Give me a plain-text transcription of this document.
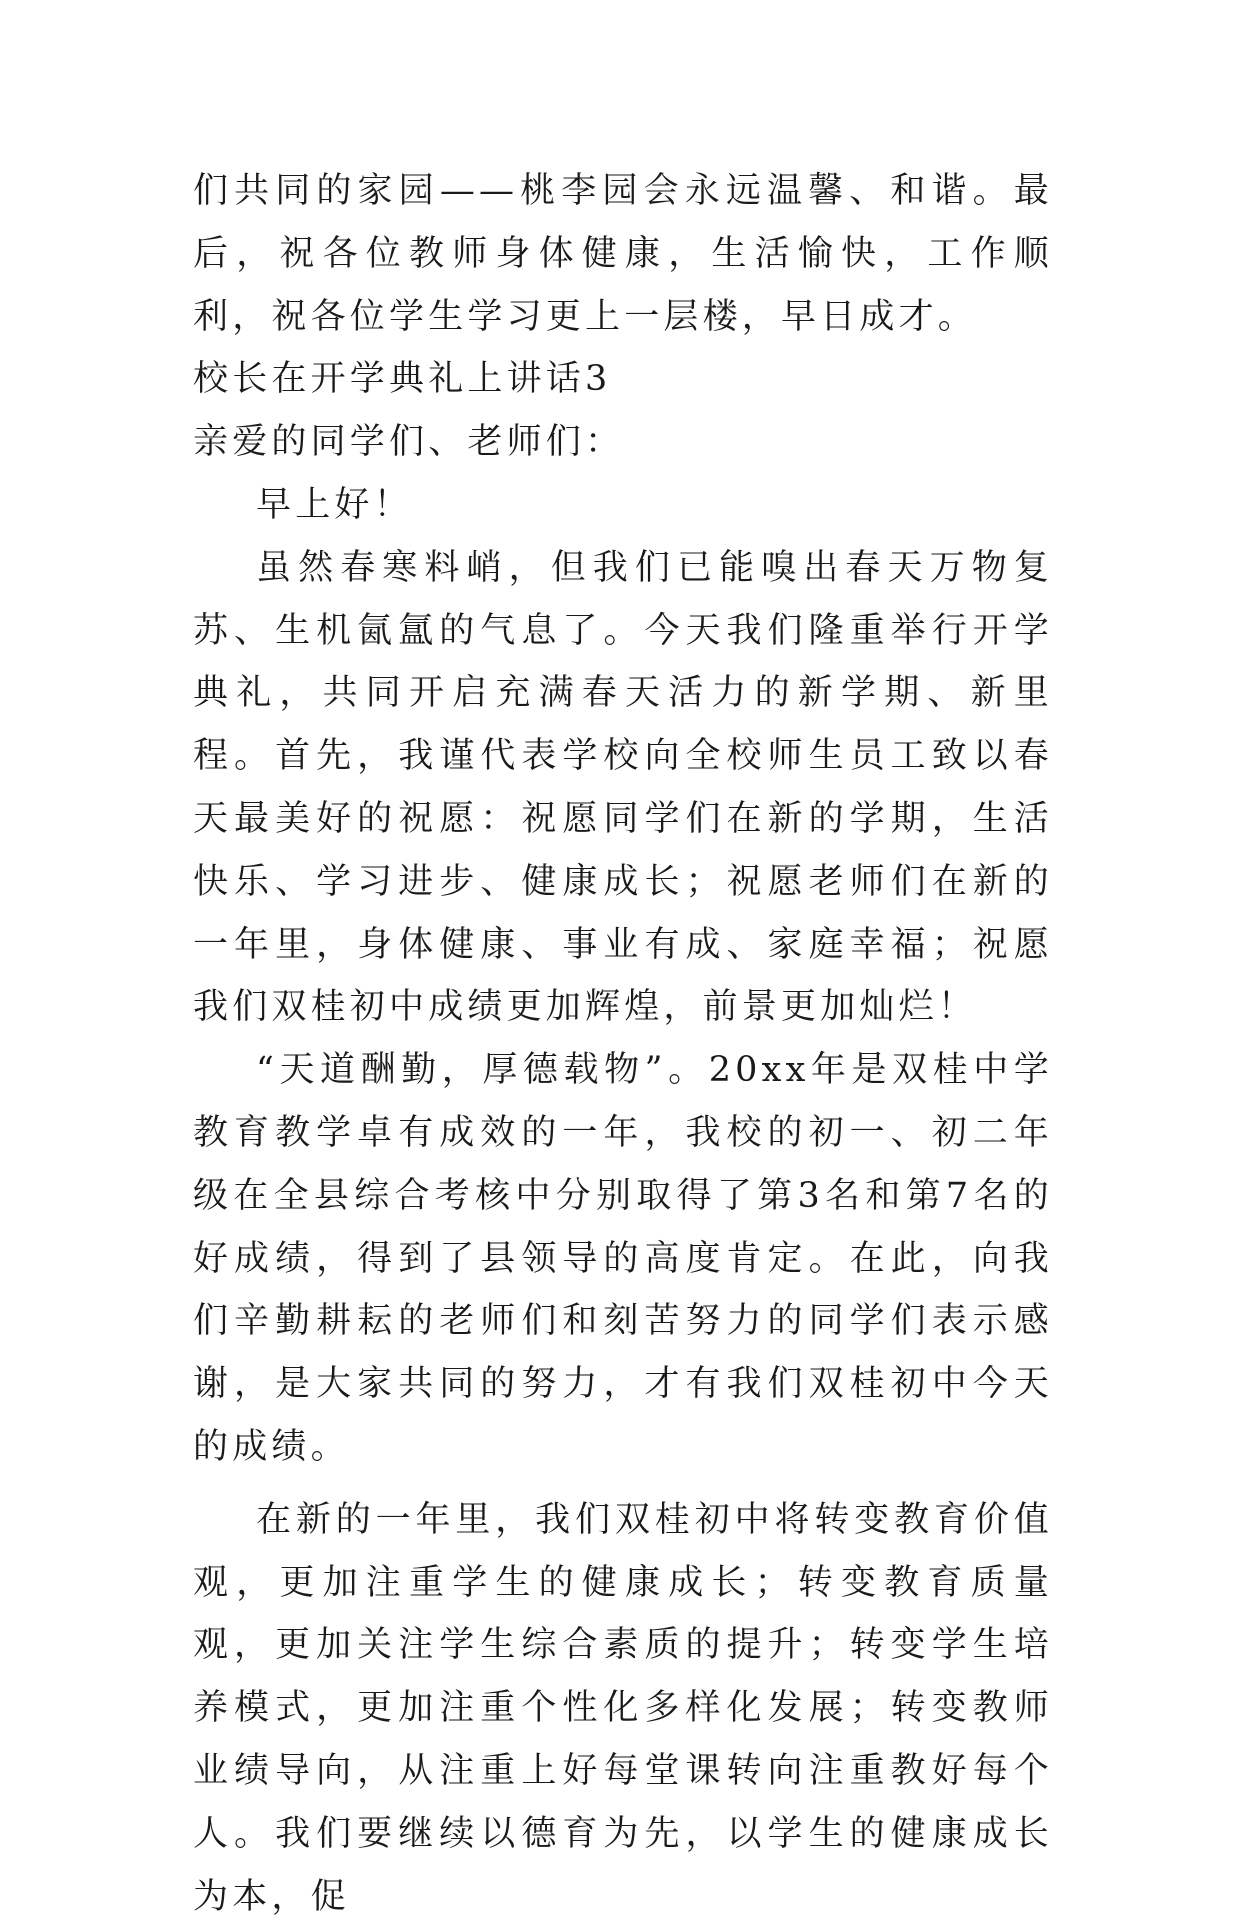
们共同的家园——桃李园会永远温馨、和谐。最后，祝各位教师身体健康，生活愉快，工作顺利，祝各位学生学习更上一层楼，早日成才。

校长在开学典礼上讲话3

亲爱的同学们、老师们：

早上好！

虽然春寒料峭，但我们已能嗅出春天万物复苏、生机氤氲的气息了。今天我们隆重举行开学典礼，共同开启充满春天活力的新学期、新里程。首先，我谨代表学校向全校师生员工致以春天最美好的祝愿：祝愿同学们在新的学期，生活快乐、学习进步、健康成长；祝愿老师们在新的一年里，身体健康、事业有成、家庭幸福；祝愿我们双桂初中成绩更加辉煌，前景更加灿烂！

“天道酬勤，厚德载物”。20xx年是双桂中学教育教学卓有成效的一年，我校的初一、初二年级在全县综合考核中分别取得了第3名和第7名的好成绩，得到了县领导的高度肯定。在此，向我们辛勤耕耘的老师们和刻苦努力的同学们表示感谢，是大家共同的努力，才有我们双桂初中今天的成绩。

在新的一年里，我们双桂初中将转变教育价值观，更加注重学生的健康成长；转变教育质量观，更加关注学生综合素质的提升；转变学生培养模式，更加注重个性化多样化发展；转变教师业绩导向，从注重上好每堂课转向注重教好每个人。我们要继续以德育为先，以学生的健康成长为本，促
